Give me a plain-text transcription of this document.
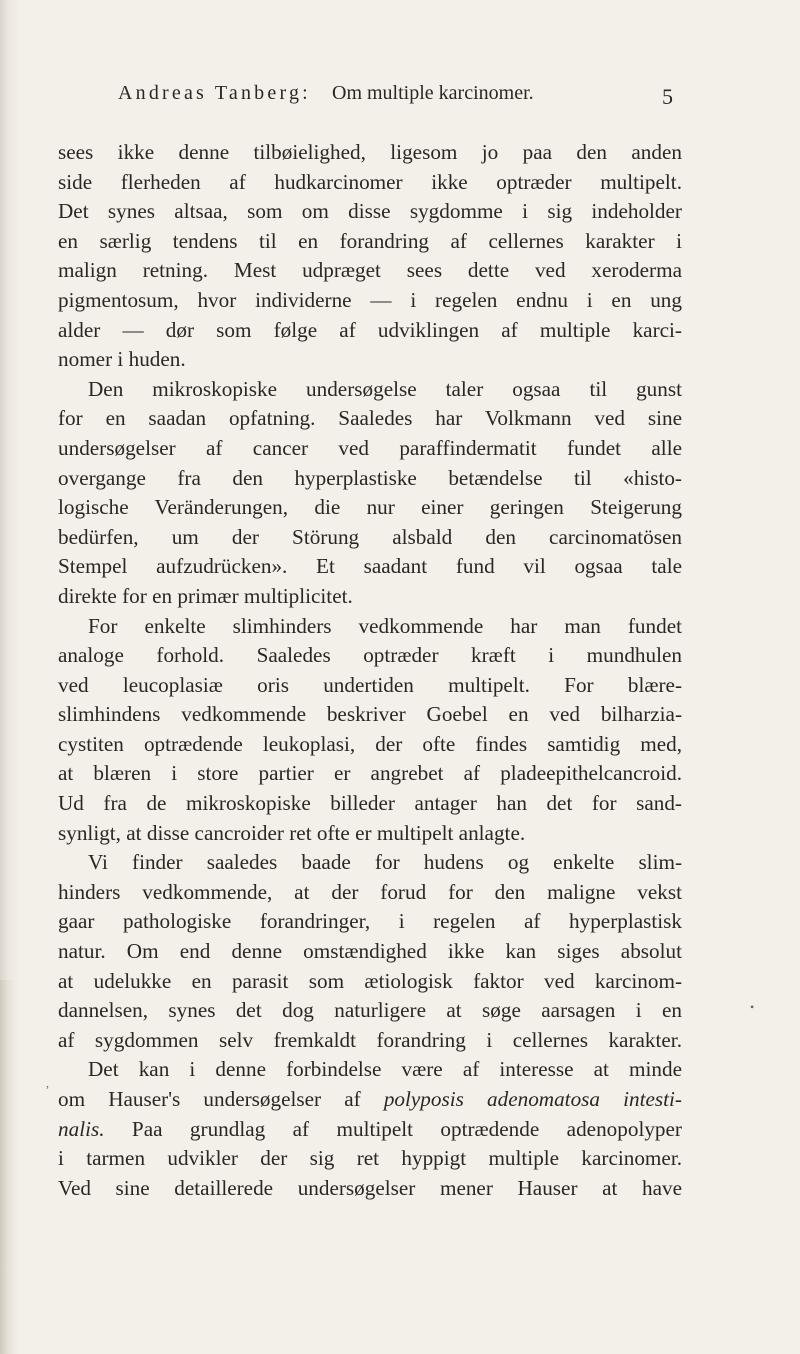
Andreas Tanberg: Om multiple karcinomer.	5
sees ikke denne tilbøielighed, ligesom jo paa den anden
side flerheden af hudkarcinomer ikke optræder multipelt.
Det synes altsaa, som om disse sygdomme i sig indeholder
en særlig tendens til en forandring af cellernes karakter i
malign retning. Mest udpræget sees dette ved xeroderma
pigmentosum, hvor individerne — i regelen endnu i en ung
alder — dør som følge af udviklingen af multiple karci-
nomer i huden.
Den mikroskopiske undersøgelse taler ogsaa til gunst
for en saadan opfatning. Saaledes har Volkmann ved sine
undersøgelser af cancer ved paraffindermatit fundet alle
overgange fra den hyperplastiske betændelse til «histo-
logische Veränderungen, die nur einer geringen Steigerung
bedürfen, um der Störung alsbald den carcinomatösen
Stempel aufzudrücken». Et saadant fund vil ogsaa tale
direkte for en primær multiplicitet.
For enkelte slimhinders vedkommende har man fundet
analoge forhold. Saaledes optræder kræft i mundhulen
ved leucoplasiæ oris undertiden multipelt. For blære-
slimhindens vedkommende beskriver Goebel en ved bilharzia-
cystiten optrædende leukoplasi, der ofte findes samtidig med,
at blæren i store partier er angrebet af pladeepithelcancroid.
Ud fra de mikroskopiske billeder antager han det for sand-
synligt, at disse cancroider ret ofte er multipelt anlagte.
Vi finder saaledes baade for hudens og enkelte slim-
hinders vedkommende, at der forud for den maligne vekst
gaar pathologiske forandringer, i regelen af hyperplastisk
natur. Om end denne omstændighed ikke kan siges absolut
at udelukke en parasit som ætiologisk faktor ved karcinom-
dannelsen, synes det dog naturligere at søge aarsagen i en
af sygdommen selv fremkaldt forandring i cellernes karakter.
Det kan i denne forbindelse være af interesse at minde
om Hauser's undersøgelser af polyposis adenomatosa intesti-
nalis. Paa grundlag af multipelt optrædende adenopolyper
i tarmen udvikler der sig ret hyppigt multiple karcinomer.
Ved sine detaillerede undersøgelser mener Hauser at have
•
,
